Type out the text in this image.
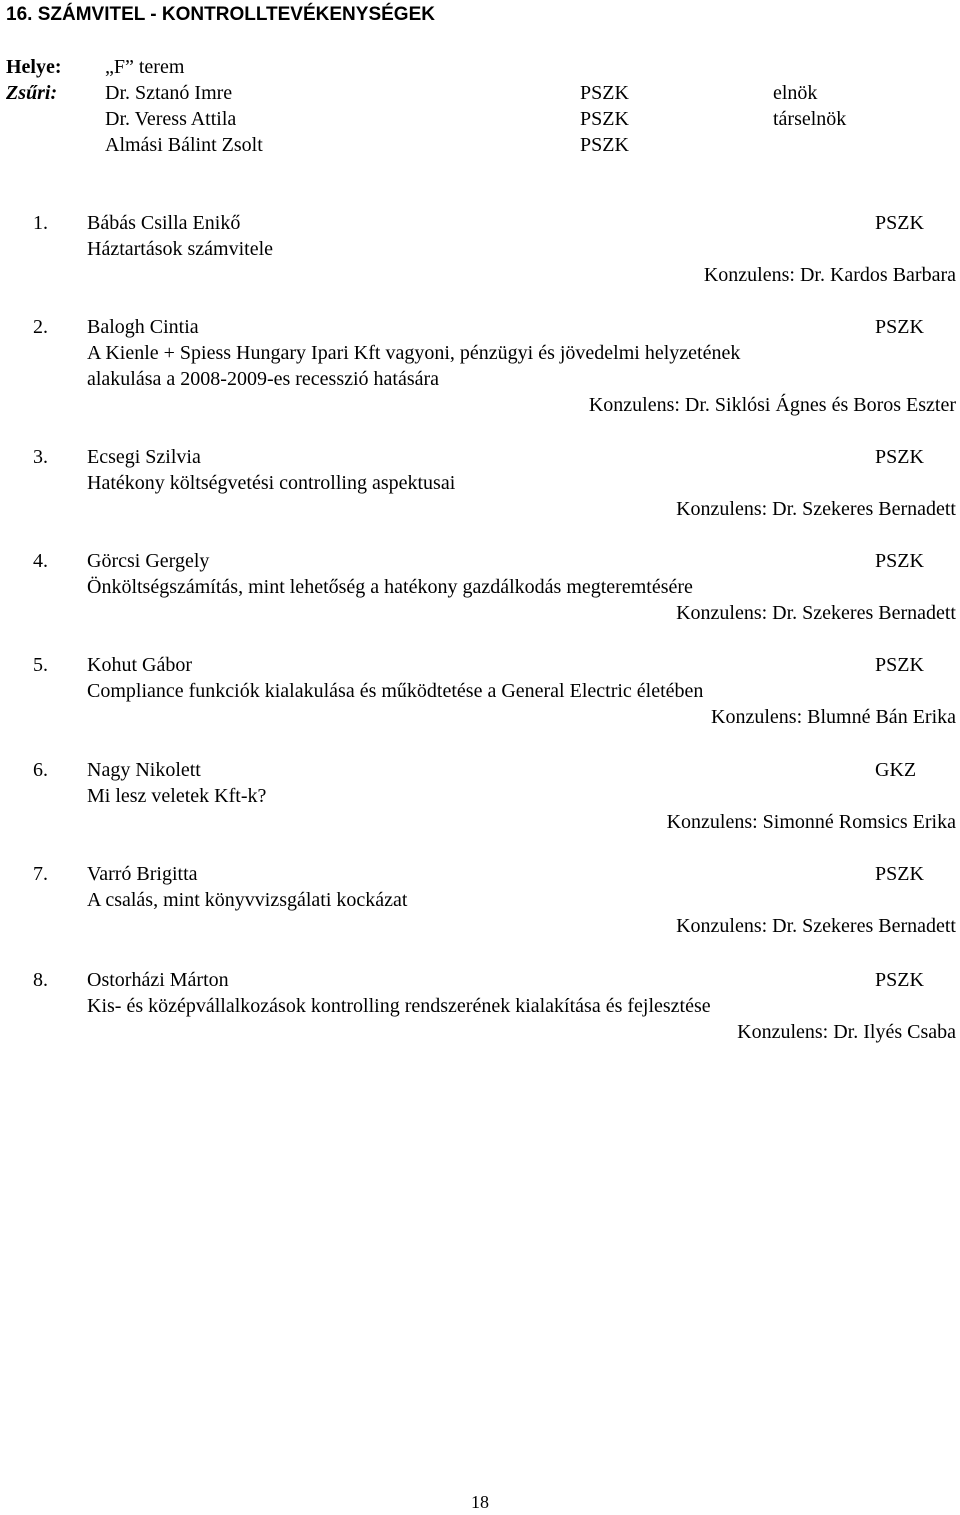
16. SZÁMVITEL - KONTROLLTEVÉKENYSÉGEK
Helye: „F” terem
Zsűri: Dr. Sztanó Imre	PSZK	elnök
Dr. Veress Attila	PSZK	társelnök
Almási Bálint Zsolt	PSZK
1. Bábás Csilla Enikő	PSZK
Háztartások számvitele
Konzulens: Dr. Kardos Barbara
2. Balogh Cintia	PSZK
A Kienle + Spiess Hungary Ipari Kft vagyoni, pénzügyi és jövedelmi helyzetének
alakulása a 2008-2009-es recesszió hatására
Konzulens: Dr. Siklósi Ágnes és Boros Eszter
3. Ecsegi Szilvia	PSZK
Hatékony költségvetési controlling aspektusai
Konzulens: Dr. Szekeres Bernadett
4. Görcsi Gergely	PSZK
Önköltségszámítás, mint lehetőség a hatékony gazdálkodás megteremtésére
Konzulens: Dr. Szekeres Bernadett
5. Kohut Gábor	PSZK
Compliance funkciók kialakulása és működtetése a General Electric életében
Konzulens: Blumné Bán Erika
6. Nagy Nikolett	GKZ
Mi lesz veletek Kft-k?
Konzulens: Simonné Romsics Erika
7. Varró Brigitta	PSZK
A csalás, mint könyvvizsgálati kockázat
Konzulens: Dr. Szekeres Bernadett
8. Ostorházi Márton	PSZK
Kis- és középvállalkozások kontrolling rendszerének kialakítása és fejlesztése
Konzulens: Dr. Ilyés Csaba
18
